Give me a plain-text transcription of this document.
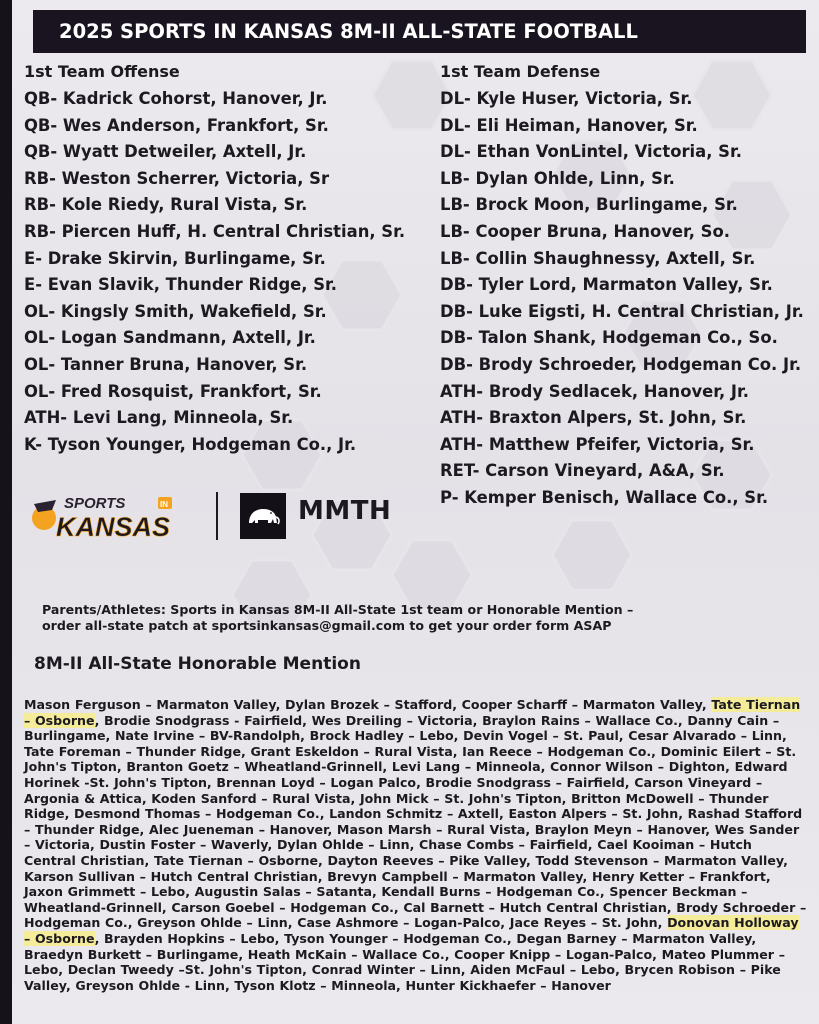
2025 SPORTS IN KANSAS 8M-II ALL-STATE FOOTBALL
1st Team Offense
QB- Kadrick Cohorst, Hanover, Jr.
QB- Wes Anderson, Frankfort, Sr.
QB- Wyatt Detweiler, Axtell, Jr.
RB- Weston Scherrer, Victoria, Sr
RB- Kole Riedy, Rural Vista, Sr.
RB- Piercen Huff, H. Central Christian, Sr.
E- Drake Skirvin, Burlingame, Sr.
E- Evan Slavik, Thunder Ridge, Sr.
OL- Kingsly Smith, Wakefield, Sr.
OL- Logan Sandmann, Axtell, Jr.
OL- Tanner Bruna, Hanover, Sr.
OL- Fred Rosquist, Frankfort, Sr.
ATH- Levi Lang, Minneola, Sr.
K- Tyson Younger, Hodgeman Co., Jr.
1st Team Defense
DL- Kyle Huser, Victoria, Sr.
DL- Eli Heiman, Hanover, Sr.
DL- Ethan VonLintel, Victoria, Sr.
LB- Dylan Ohlde, Linn, Sr.
LB- Brock Moon, Burlingame, Sr.
LB- Cooper Bruna, Hanover, So.
LB- Collin Shaughnessy, Axtell, Sr.
DB- Tyler Lord, Marmaton Valley, Sr.
DB- Luke Eigsti, H. Central Christian, Jr.
DB- Talon Shank, Hodgeman Co., So.
DB- Brody Schroeder, Hodgeman Co. Jr.
ATH- Brody Sedlacek, Hanover, Jr.
ATH- Braxton Alpers, St. John, Sr.
ATH- Matthew Pfeifer, Victoria, Sr.
RET- Carson Vineyard, A&A, Sr.
P- Kemper Benisch, Wallace Co., Sr.
SPORTS	IN
KANSAS
MMTH
Parents/Athletes: Sports in Kansas 8M-II All-State 1st team or Honorable Mention –
order all-state patch at sportsinkansas@gmail.com to get your order form ASAP
8M-II All-State Honorable Mention
Mason Ferguson – Marmaton Valley, Dylan Brozek – Stafford, Cooper Scharff – Marmaton Valley, Tate Tiernan – Osborne, Brodie Snodgrass - Fairfield, Wes Dreiling – Victoria, Braylon Rains – Wallace Co., Danny Cain – Burlingame, Nate Irvine – BV-Randolph, Brock Hadley – Lebo, Devin Vogel – St. Paul, Cesar Alvarado – Linn, Tate Foreman – Thunder Ridge, Grant Eskeldon – Rural Vista, Ian Reece – Hodgeman Co., Dominic Eilert – St. John's Tipton, Branton Goetz – Wheatland-Grinnell, Levi Lang – Minneola, Connor Wilson – Dighton, Edward Horinek -St. John's Tipton, Brennan Loyd – Logan Palco, Brodie Snodgrass – Fairfield, Carson Vineyard – Argonia & Attica, Koden Sanford – Rural Vista, John Mick – St. John's Tipton, Britton McDowell – Thunder Ridge, Desmond Thomas – Hodgeman Co., Landon Schmitz – Axtell, Easton Alpers – St. John, Rashad Stafford – Thunder Ridge, Alec Jueneman – Hanover, Mason Marsh – Rural Vista, Braylon Meyn – Hanover, Wes Sander – Victoria, Dustin Foster – Waverly, Dylan Ohlde – Linn, Chase Combs – Fairfield, Cael Kooiman – Hutch Central Christian, Tate Tiernan – Osborne, Dayton Reeves – Pike Valley, Todd Stevenson – Marmaton Valley, Karson Sullivan – Hutch Central Christian, Brevyn Campbell – Marmaton Valley, Henry Ketter – Frankfort, Jaxon Grimmett – Lebo, Augustin Salas – Satanta, Kendall Burns – Hodgeman Co., Spencer Beckman – Wheatland-Grinnell, Carson Goebel – Hodgeman Co., Cal Barnett – Hutch Central Christian, Brody Schroeder – Hodgeman Co., Greyson Ohlde – Linn, Case Ashmore – Logan-Palco, Jace Reyes – St. John, Donovan Holloway – Osborne, Brayden Hopkins – Lebo, Tyson Younger – Hodgeman Co., Degan Barney – Marmaton Valley, Braedyn Burkett – Burlingame, Heath McKain – Wallace Co., Cooper Knipp – Logan-Palco, Mateo Plummer – Lebo, Declan Tweedy –St. John's Tipton, Conrad Winter – Linn, Aiden McFaul – Lebo, Brycen Robison – Pike Valley, Greyson Ohlde - Linn, Tyson Klotz – Minneola, Hunter Kickhaefer – Hanover
